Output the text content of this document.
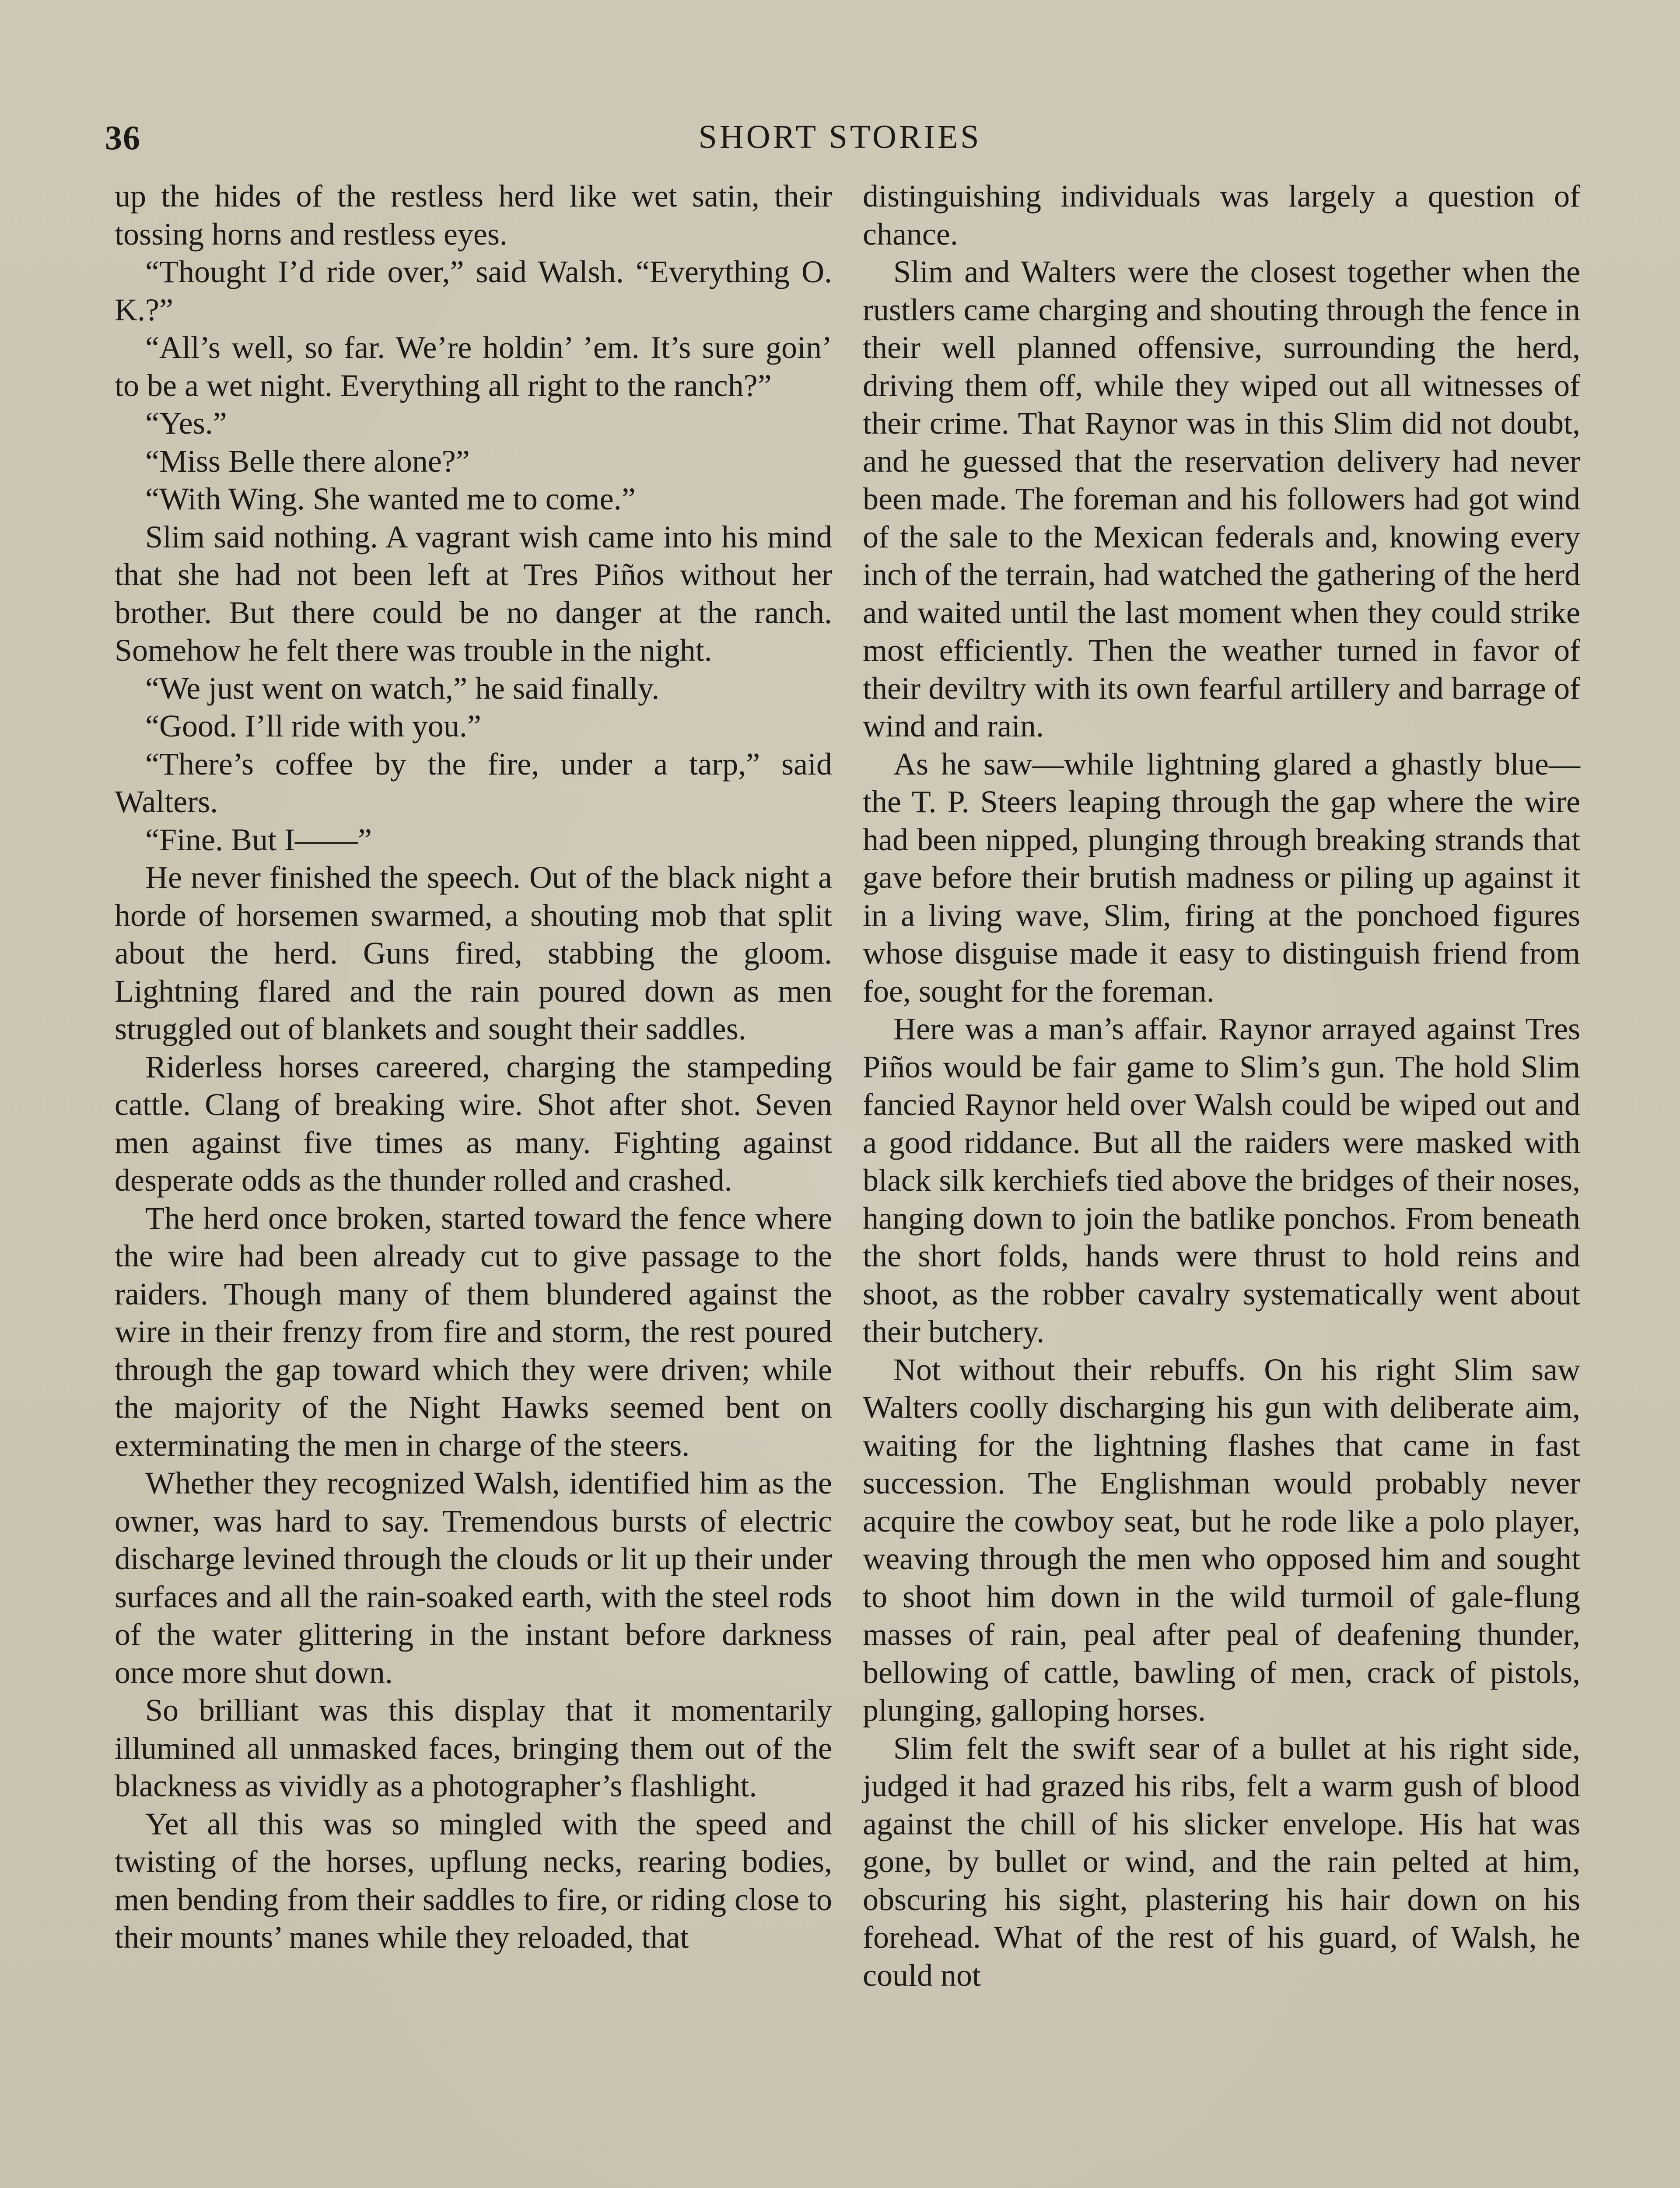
36	SHORT STORIES

up the hides of the restless herd like wet satin, their tossing horns and restless eyes.

“Thought I’d ride over,” said Walsh. “Everything O. K.?”

“All’s well, so far. We’re holdin’ ’em. It’s sure goin’ to be a wet night. Everything all right to the ranch?”

“Yes.”

“Miss Belle there alone?”

“With Wing. She wanted me to come.”

Slim said nothing. A vagrant wish came into his mind that she had not been left at Tres Piños without her brother. But there could be no danger at the ranch. Somehow he felt there was trouble in the night.

“We just went on watch,” he said finally.

“Good. I’ll ride with you.”

“There’s coffee by the fire, under a tarp,” said Walters.

“Fine. But I——”

He never finished the speech. Out of the black night a horde of horsemen swarmed, a shouting mob that split about the herd. Guns fired, stabbing the gloom. Lightning flared and the rain poured down as men struggled out of blankets and sought their saddles.

Riderless horses careered, charging the stampeding cattle. Clang of breaking wire. Shot after shot. Seven men against five times as many. Fighting against desperate odds as the thunder rolled and crashed.

The herd once broken, started toward the fence where the wire had been already cut to give passage to the raiders. Though many of them blundered against the wire in their frenzy from fire and storm, the rest poured through the gap toward which they were driven; while the majority of the Night Hawks seemed bent on exterminating the men in charge of the steers.

Whether they recognized Walsh, identified him as the owner, was hard to say. Tremendous bursts of electric discharge levined through the clouds or lit up their under surfaces and all the rain-soaked earth, with the steel rods of the water glittering in the instant before darkness once more shut down.

So brilliant was this display that it momentarily illumined all unmasked faces, bringing them out of the blackness as vividly as a photographer’s flashlight.

Yet all this was so mingled with the speed and twisting of the horses, upflung necks, rearing bodies, men bending from their saddles to fire, or riding close to their mounts’ manes while they reloaded, that

distinguishing individuals was largely a question of chance.

Slim and Walters were the closest together when the rustlers came charging and shouting through the fence in their well planned offensive, surrounding the herd, driving them off, while they wiped out all witnesses of their crime. That Raynor was in this Slim did not doubt, and he guessed that the reservation delivery had never been made. The foreman and his followers had got wind of the sale to the Mexican federals and, knowing every inch of the terrain, had watched the gathering of the herd and waited until the last moment when they could strike most efficiently. Then the weather turned in favor of their deviltry with its own fearful artillery and barrage of wind and rain.

As he saw—while lightning glared a ghastly blue—the T. P. Steers leaping through the gap where the wire had been nipped, plunging through breaking strands that gave before their brutish madness or piling up against it in a living wave, Slim, firing at the ponchoed figures whose disguise made it easy to distinguish friend from foe, sought for the foreman.

Here was a man’s affair. Raynor arrayed against Tres Piños would be fair game to Slim’s gun. The hold Slim fancied Raynor held over Walsh could be wiped out and a good riddance. But all the raiders were masked with black silk kerchiefs tied above the bridges of their noses, hanging down to join the batlike ponchos. From beneath the short folds, hands were thrust to hold reins and shoot, as the robber cavalry systematically went about their butchery.

Not without their rebuffs. On his right Slim saw Walters coolly discharging his gun with deliberate aim, waiting for the lightning flashes that came in fast succession. The Englishman would probably never acquire the cowboy seat, but he rode like a polo player, weaving through the men who opposed him and sought to shoot him down in the wild turmoil of gale-flung masses of rain, peal after peal of deafening thunder, bellowing of cattle, bawling of men, crack of pistols, plunging, galloping horses.

Slim felt the swift sear of a bullet at his right side, judged it had grazed his ribs, felt a warm gush of blood against the chill of his slicker envelope. His hat was gone, by bullet or wind, and the rain pelted at him, obscuring his sight, plastering his hair down on his forehead. What of the rest of his guard, of Walsh, he could not
